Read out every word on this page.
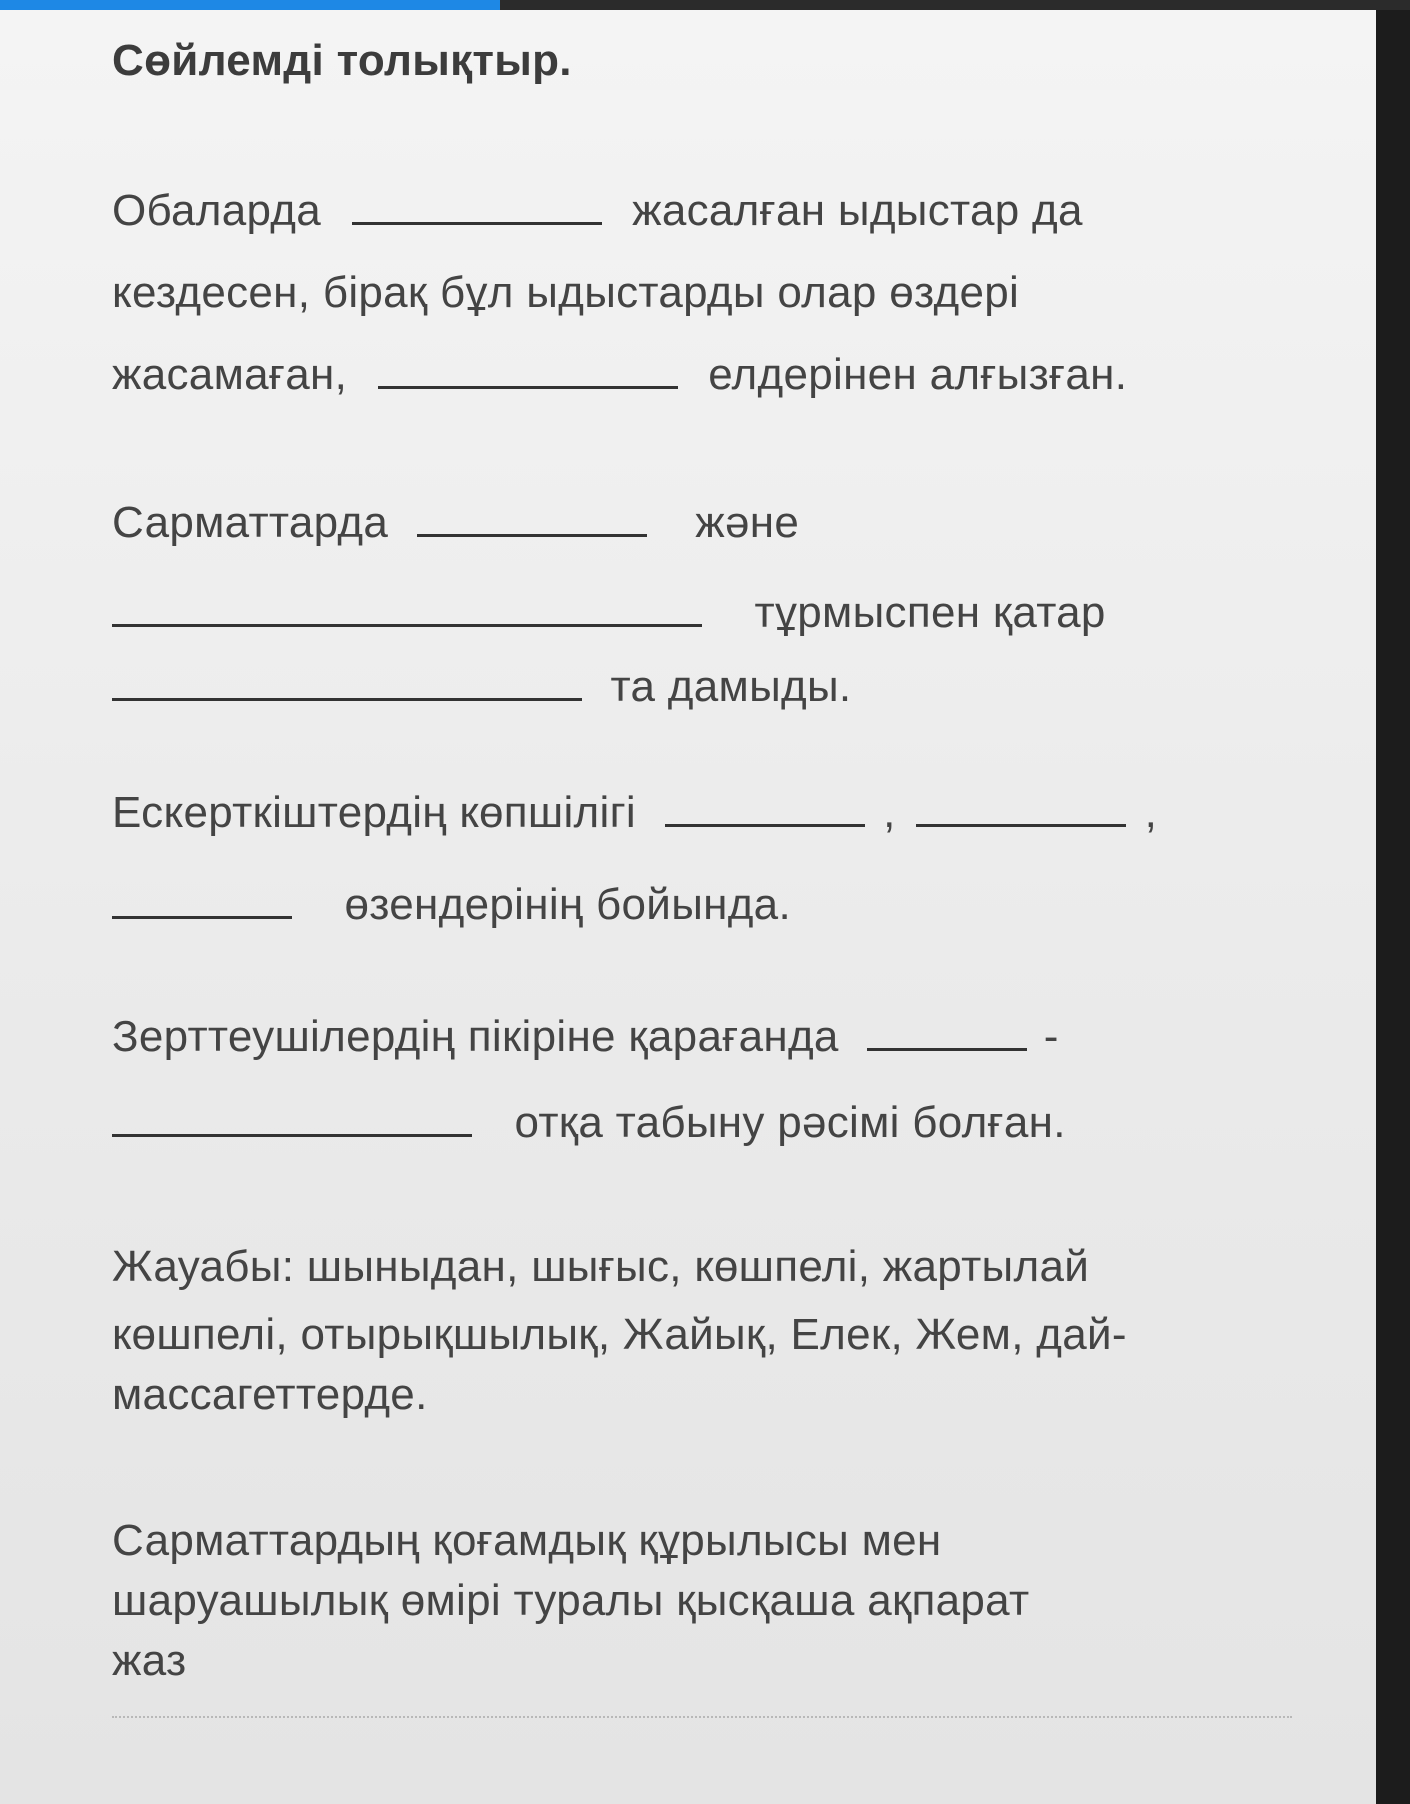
Сөйлемді толықтыр.
Обаларда	жасалған ыдыстар да
кездесен, бірақ бұл ыдыстарды олар өздері
жасамаған,	елдерінен алғызған.
Сарматтарда	және
тұрмыспен қатар
та дамыды.
Ескерткіштердің көпшілігі	,	,
өзендерінің бойында.
Зерттеушілердің пікіріне қарағанда	-
отқа табыну рәсімі болған.
Жауабы: шыныдан, шығыс, көшпелі, жартылай
көшпелі, отырықшылық, Жайық, Елек, Жем, дай-
массагеттерде.
Сарматтардың қоғамдық құрылысы мен
шаруашылық өмірі туралы қысқаша ақпарат
жаз
